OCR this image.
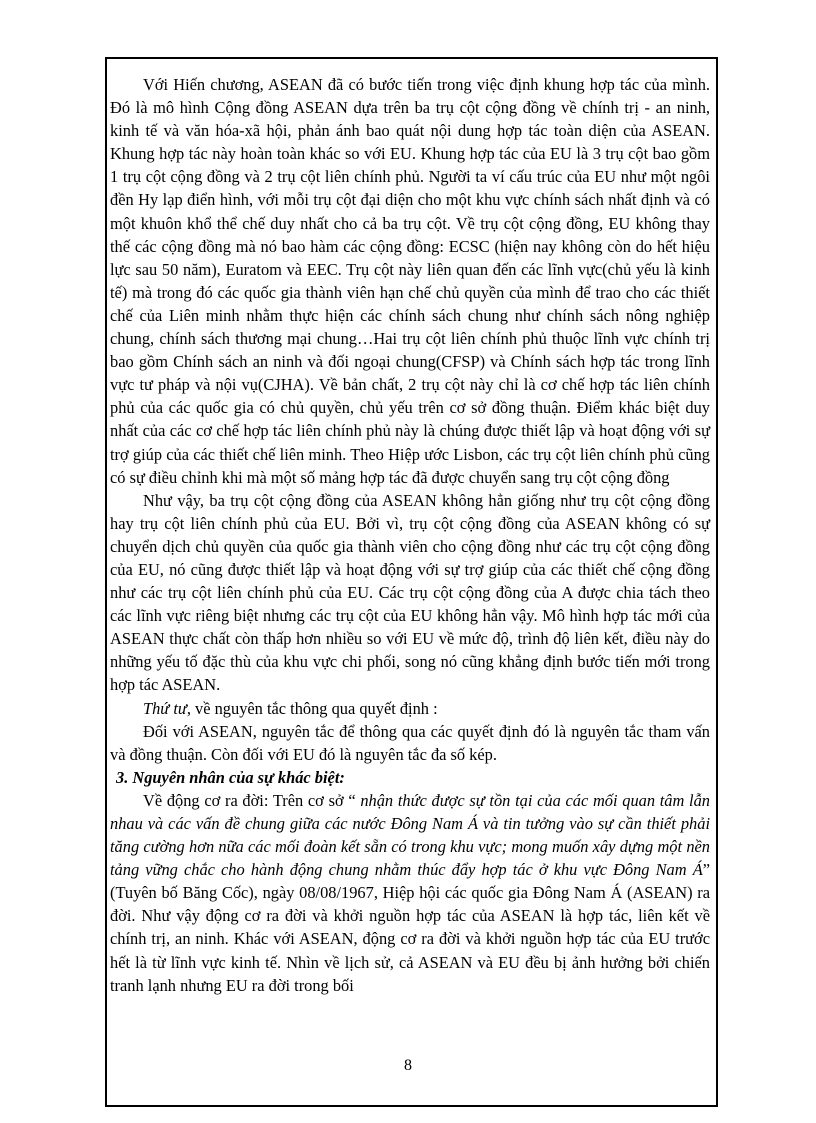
Với Hiến chương, ASEAN đã có bước tiến trong việc định khung hợp tác của mình. Đó là mô hình Cộng đồng ASEAN dựa trên ba trụ cột cộng đồng về chính trị - an ninh, kinh tế và văn hóa-xã hội, phản ánh bao quát nội dung hợp tác toàn diện của ASEAN. Khung hợp tác này hoàn toàn khác so với EU. Khung hợp tác của EU là 3 trụ cột bao gồm 1 trụ cột cộng đồng và 2 trụ cột liên chính phủ. Người ta ví cấu trúc của EU như một ngôi đền Hy lạp điển hình, với mỗi trụ cột đại diện cho một khu vực chính sách nhất định và có một khuôn khổ thể chế duy nhất cho cả ba trụ cột. Về trụ cột cộng đồng, EU không thay thế các cộng đồng mà nó bao hàm các cộng đồng: ECSC (hiện nay không còn do hết hiệu lực sau 50 năm), Euratom và EEC. Trụ cột này liên quan đến các lĩnh vực(chủ yếu là kinh tế) mà trong đó các quốc gia thành viên hạn chế chủ quyền của mình để trao cho các thiết chế của Liên minh nhằm thực hiện các chính sách chung như chính sách nông nghiệp chung, chính sách thương mại chung…Hai trụ cột liên chính phủ thuộc lĩnh vực chính trị bao gồm Chính sách an ninh và đối ngoại chung(CFSP) và Chính sách hợp tác trong lĩnh vực tư pháp và nội vụ(CJHA). Về bản chất, 2 trụ cột này chỉ là cơ chế hợp tác liên chính phủ của các quốc gia có chủ quyền, chủ yếu trên cơ sở đồng thuận. Điểm khác biệt duy nhất của các cơ chế hợp tác liên chính phủ này là chúng được thiết lập và hoạt động với sự trợ giúp của các thiết chế liên minh. Theo Hiệp ước Lisbon, các trụ cột liên chính phủ cũng có sự điều chỉnh khi mà một số mảng hợp tác đã được chuyển sang trụ cột cộng đồng

Như vậy, ba trụ cột cộng đồng của ASEAN không hẳn giống như trụ cột cộng đồng hay trụ cột liên chính phủ của EU. Bởi vì, trụ cột cộng đồng của ASEAN không có sự chuyển dịch chủ quyền của quốc gia thành viên cho cộng đồng như các trụ cột cộng đồng của EU, nó cũng được thiết lập và hoạt động với sự trợ giúp của các thiết chế cộng đồng như các trụ cột liên chính phủ của EU. Các trụ cột cộng đồng của A được chia tách theo các lĩnh vực riêng biệt nhưng các trụ cột của EU không hẳn vậy. Mô hình hợp tác mới của ASEAN thực chất còn thấp hơn nhiều so với EU về mức độ, trình độ liên kết, điều này do những yếu tố đặc thù của khu vực chi phối, song nó cũng khẳng định bước tiến mới trong hợp tác ASEAN.

Thứ tư, về nguyên tắc thông qua quyết định :

Đối với ASEAN, nguyên tắc để thông qua các quyết định đó là nguyên tắc tham vấn và đồng thuận. Còn đối với EU đó là nguyên tắc đa số kép.

3. Nguyên nhân của sự khác biệt:

Về động cơ ra đời: Trên cơ sở “ nhận thức được sự tồn tại của các mối quan tâm lẫn nhau và các vấn đề chung giữa các nước Đông Nam Á và tin tưởng vào sự cần thiết phải tăng cường hơn nữa các mối đoàn kết sẵn có trong khu vực; mong muốn xây dựng một nền tảng vững chắc cho hành động chung nhằm thúc đẩy hợp tác ở khu vực Đông Nam Á” (Tuyên bố Băng Cốc), ngày 08/08/1967, Hiệp hội các quốc gia Đông Nam Á (ASEAN) ra đời. Như vậy động cơ ra đời và khởi nguồn hợp tác của ASEAN là hợp tác, liên kết về chính trị, an ninh. Khác với ASEAN, động cơ ra đời và khởi nguồn hợp tác của EU trước hết là từ lĩnh vực kinh tế. Nhìn về lịch sử, cả ASEAN và EU đều bị ảnh hưởng bởi chiến tranh lạnh nhưng EU ra đời trong bối

8
